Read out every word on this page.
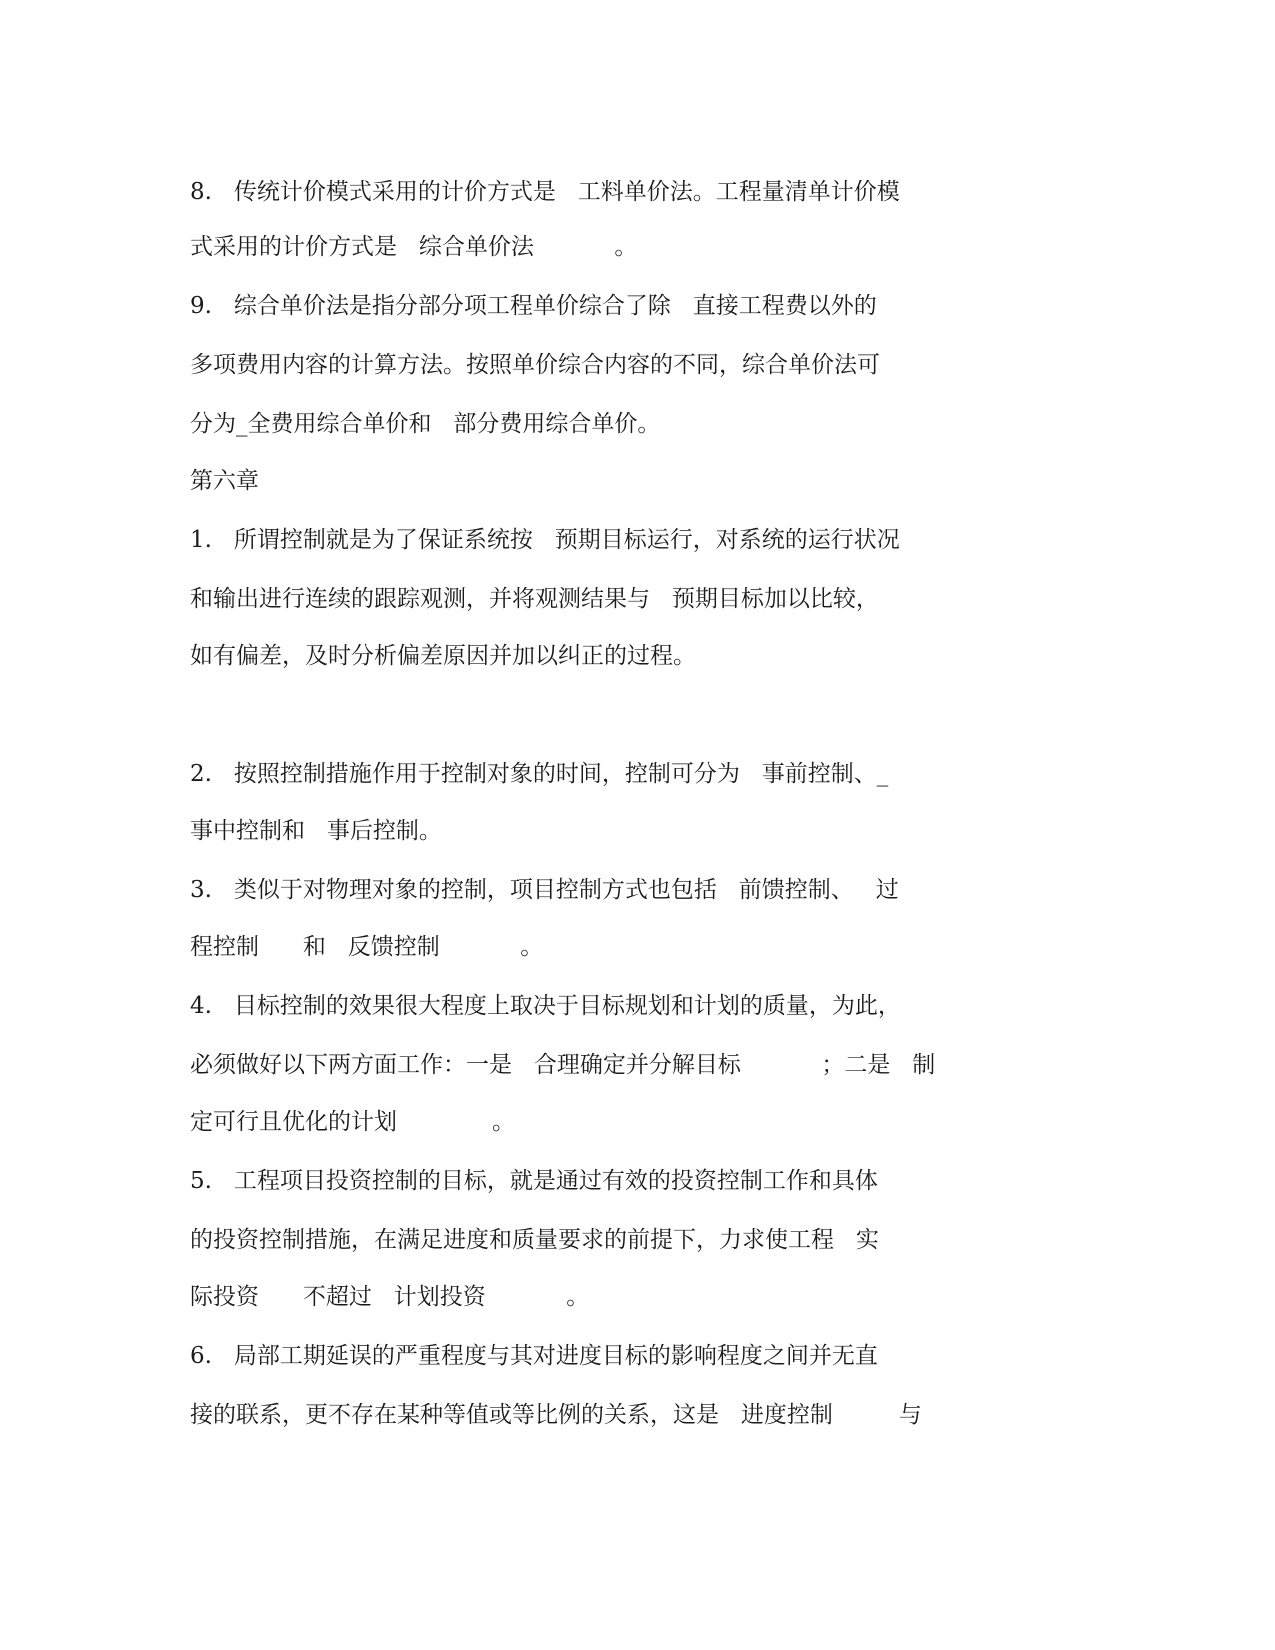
8.   传统计价模式采用的计价方式是   工料单价法。工程量清单计价模
式采用的计价方式是   综合单价法           。
9.   综合单价法是指分部分项工程单价综合了除   直接工程费以外的
多项费用内容的计算方法。按照单价综合内容的不同，综合单价法可
分为_全费用综合单价和   部分费用综合单价。
第六章
1.   所谓控制就是为了保证系统按   预期目标运行，对系统的运行状况
和输出进行连续的跟踪观测，并将观测结果与   预期目标加以比较，
如有偏差，及时分析偏差原因并加以纠正的过程。
2.   按照控制措施作用于控制对象的时间，控制可分为   事前控制、_
事中控制和   事后控制。
3.   类似于对物理对象的控制，项目控制方式也包括   前馈控制、   过
程控制      和   反馈控制           。
4.   目标控制的效果很大程度上取决于目标规划和计划的质量，为此，
必须做好以下两方面工作：一是   合理确定并分解目标           ；二是   制
定可行且优化的计划             。
5.   工程项目投资控制的目标，就是通过有效的投资控制工作和具体
的投资控制措施，在满足进度和质量要求的前提下，力求使工程   实
际投资      不超过   计划投资           。
6.   局部工期延误的严重程度与其对进度目标的影响程度之间并无直
接的联系，更不存在某种等值或等比例的关系，这是   进度控制         与
